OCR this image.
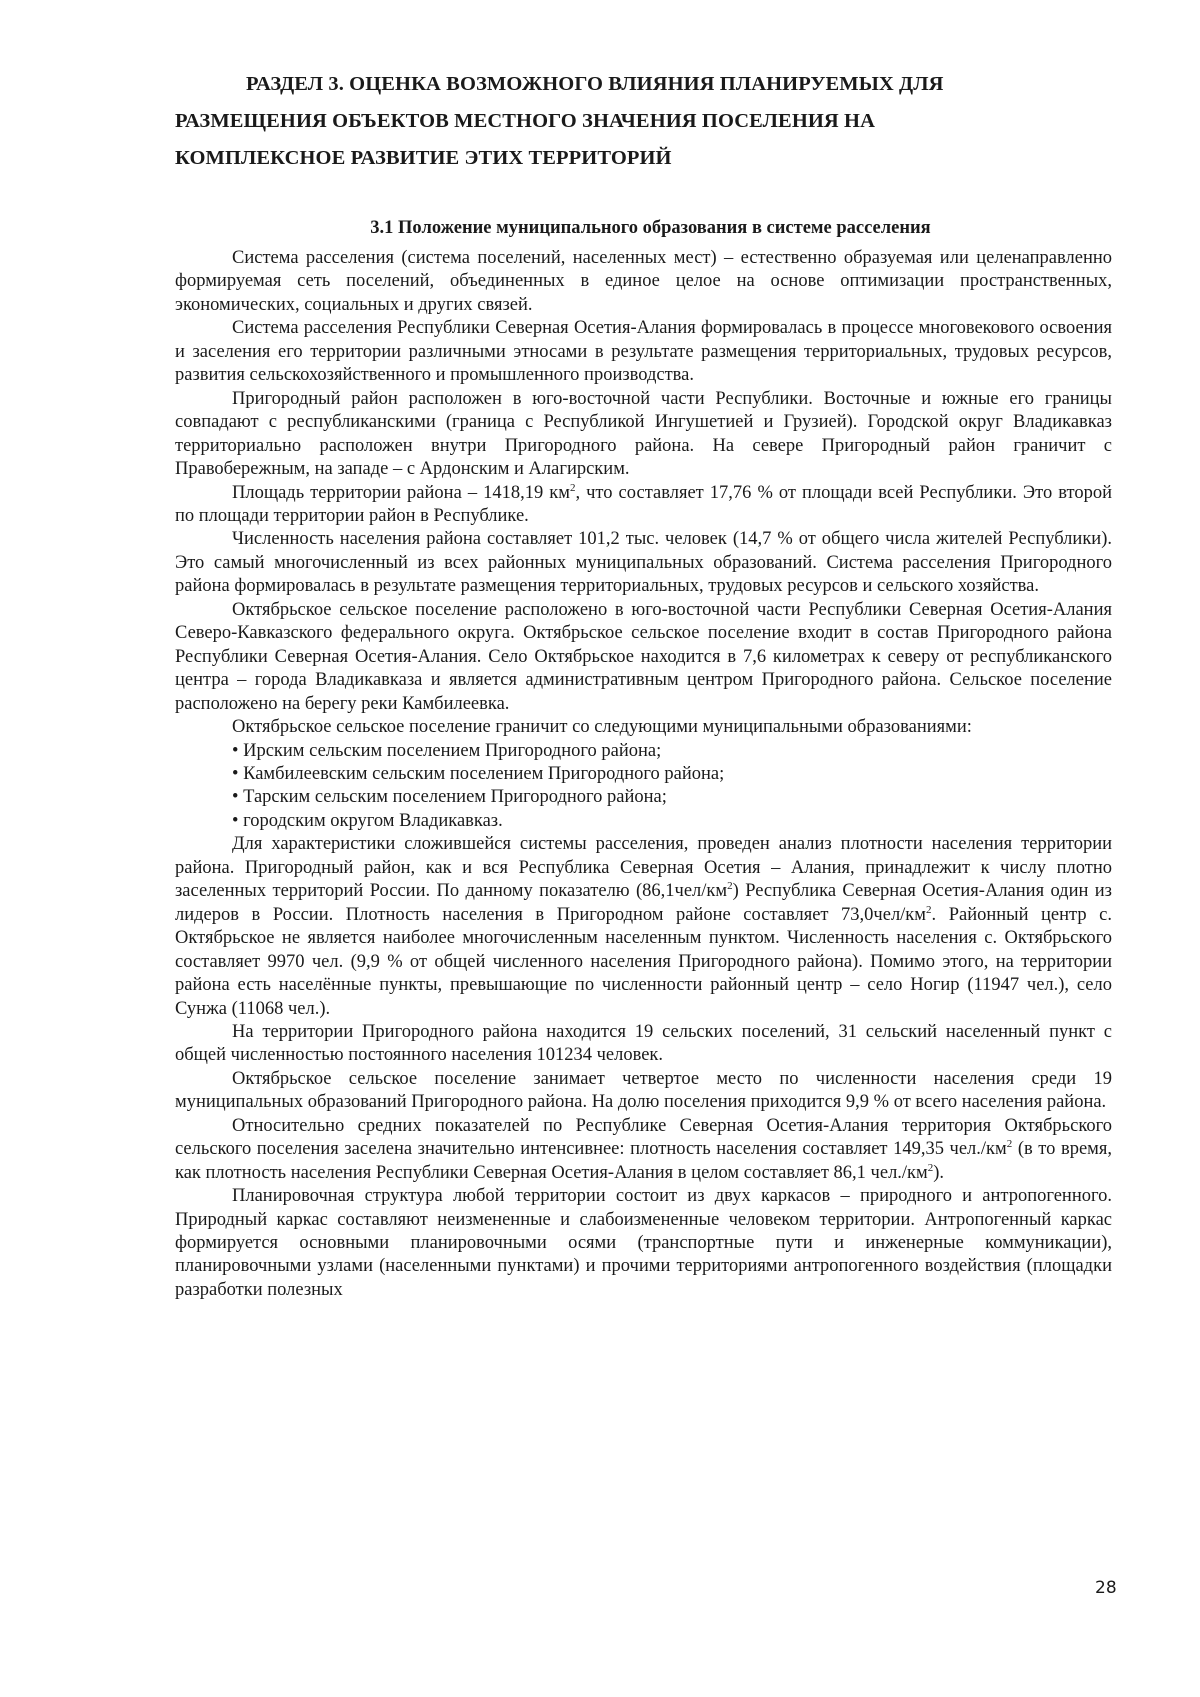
РАЗДЕЛ 3. ОЦЕНКА ВОЗМОЖНОГО ВЛИЯНИЯ ПЛАНИРУЕМЫХ ДЛЯ
РАЗМЕЩЕНИЯ ОБЪЕКТОВ МЕСТНОГО ЗНАЧЕНИЯ ПОСЕЛЕНИЯ НА
КОМПЛЕКСНОЕ РАЗВИТИЕ ЭТИХ ТЕРРИТОРИЙ
3.1 Положение муниципального образования в системе расселения

Система расселения (система поселений, населенных мест) – естественно образуемая или целенаправленно формируемая сеть поселений, объединенных в единое целое на основе оптимизации пространственных, экономических, социальных и других связей.

Система расселения Республики Северная Осетия-Алания формировалась в процессе многовекового освоения и заселения его территории различными этносами в результате размещения территориальных, трудовых ресурсов, развития сельскохозяйственного и промышленного производства.

Пригородный район расположен в юго-восточной части Республики. Восточные и южные его границы совпадают с республиканскими (граница с Республикой Ингушетией и Грузией). Городской округ Владикавказ территориально расположен внутри Пригородного района. На севере Пригородный район граничит с Правобережным, на западе – с Ардонским и Алагирским.

Площадь территории района – 1418,19 $км^2$, что составляет 17,76 % от площади всей Республики. Это второй по площади территории район в Республике.

Численность населения района составляет 101,2 тыс. человек (14,7 % от общего числа жителей Республики). Это самый многочисленный из всех районных муниципальных образований. Система расселения Пригородного района формировалась в результате размещения территориальных, трудовых ресурсов и сельского хозяйства.

Октябрьское сельское поселение расположено в юго-восточной части Республики Северная Осетия-Алания Северо-Кавказского федерального округа. Октябрьское сельское поселение входит в состав Пригородного района Республики Северная Осетия-Алания. Село Октябрьское находится в 7,6 километрах к северу от республиканского центра – города Владикавказа и является административным центром Пригородного района. Сельское поселение расположено на берегу реки Камбилеевка.

Октябрьское сельское поселение граничит со следующими муниципальными образованиями:

• Ирским сельским поселением Пригородного района;

• Камбилеевским сельским поселением Пригородного района;

• Тарским сельским поселением Пригородного района;

• городским округом Владикавказ.

Для характеристики сложившейся системы расселения, проведен анализ плотности населения территории района. Пригородный район, как и вся Республика Северная Осетия – Алания, принадлежит к числу плотно заселенных территорий России. По данному показателю $(86,1чел/км^2)$ Республика Северная Осетия-Алания один из лидеров в России. Плотность населения в Пригородном районе составляет $73,0чел/км^2$. Районный центр с. Октябрьское не является наиболее многочисленным населенным пунктом. Численность населения с. Октябрьского составляет 9970 чел. (9,9 % от общей численного населения Пригородного района). Помимо этого, на территории района есть населённые пункты, превышающие по численности районный центр – село Ногир (11947 чел.), село Сунжа (11068 чел.).

На территории Пригородного района находится 19 сельских поселений, 31 сельский населенный пункт с общей численностью постоянного населения 101234 человек.

Октябрьское сельское поселение занимает четвертое место по численности населения среди 19 муниципальных образований Пригородного района. На долю поселения приходится 9,9 % от всего населения района.

Относительно средних показателей по Республике Северная Осетия-Алания территория Октябрьского сельского поселения заселена значительно интенсивнее: плотность населения составляет 149,35 $чел./км^2$ (в то время, как плотность населения Республики Северная Осетия-Алания в целом составляет 86,1 $чел./км^2$).

Планировочная структура любой территории состоит из двух каркасов – природного и антропогенного. Природный каркас составляют неизмененные и слабоизмененные человеком территории. Антропогенный каркас формируется основными планировочными осями (транспортные пути и инженерные коммуникации), планировочными узлами (населенными пунктами) и прочими территориями антропогенного воздействия (площадки разработки полезных

28
